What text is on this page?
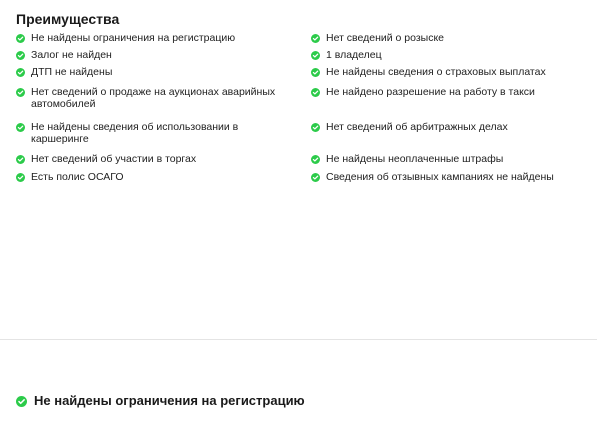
Преимущества
Не найдены ограничения на регистрацию
Залог не найден
ДТП не найдены
Нет сведений о продаже на аукционах аварийных автомобилей
Не найдены сведения об использовании в каршеринге
Нет сведений об участии в торгах
Есть полис ОСАГО
Нет сведений о розыске
1 владелец
Не найдены сведения о страховых выплатах
Не найдено разрешение на работу в такси
Нет сведений об арбитражных делах
Не найдены неоплаченные штрафы
Сведения об отзывных кампаниях не найдены
Не найдены ограничения на регистрацию
